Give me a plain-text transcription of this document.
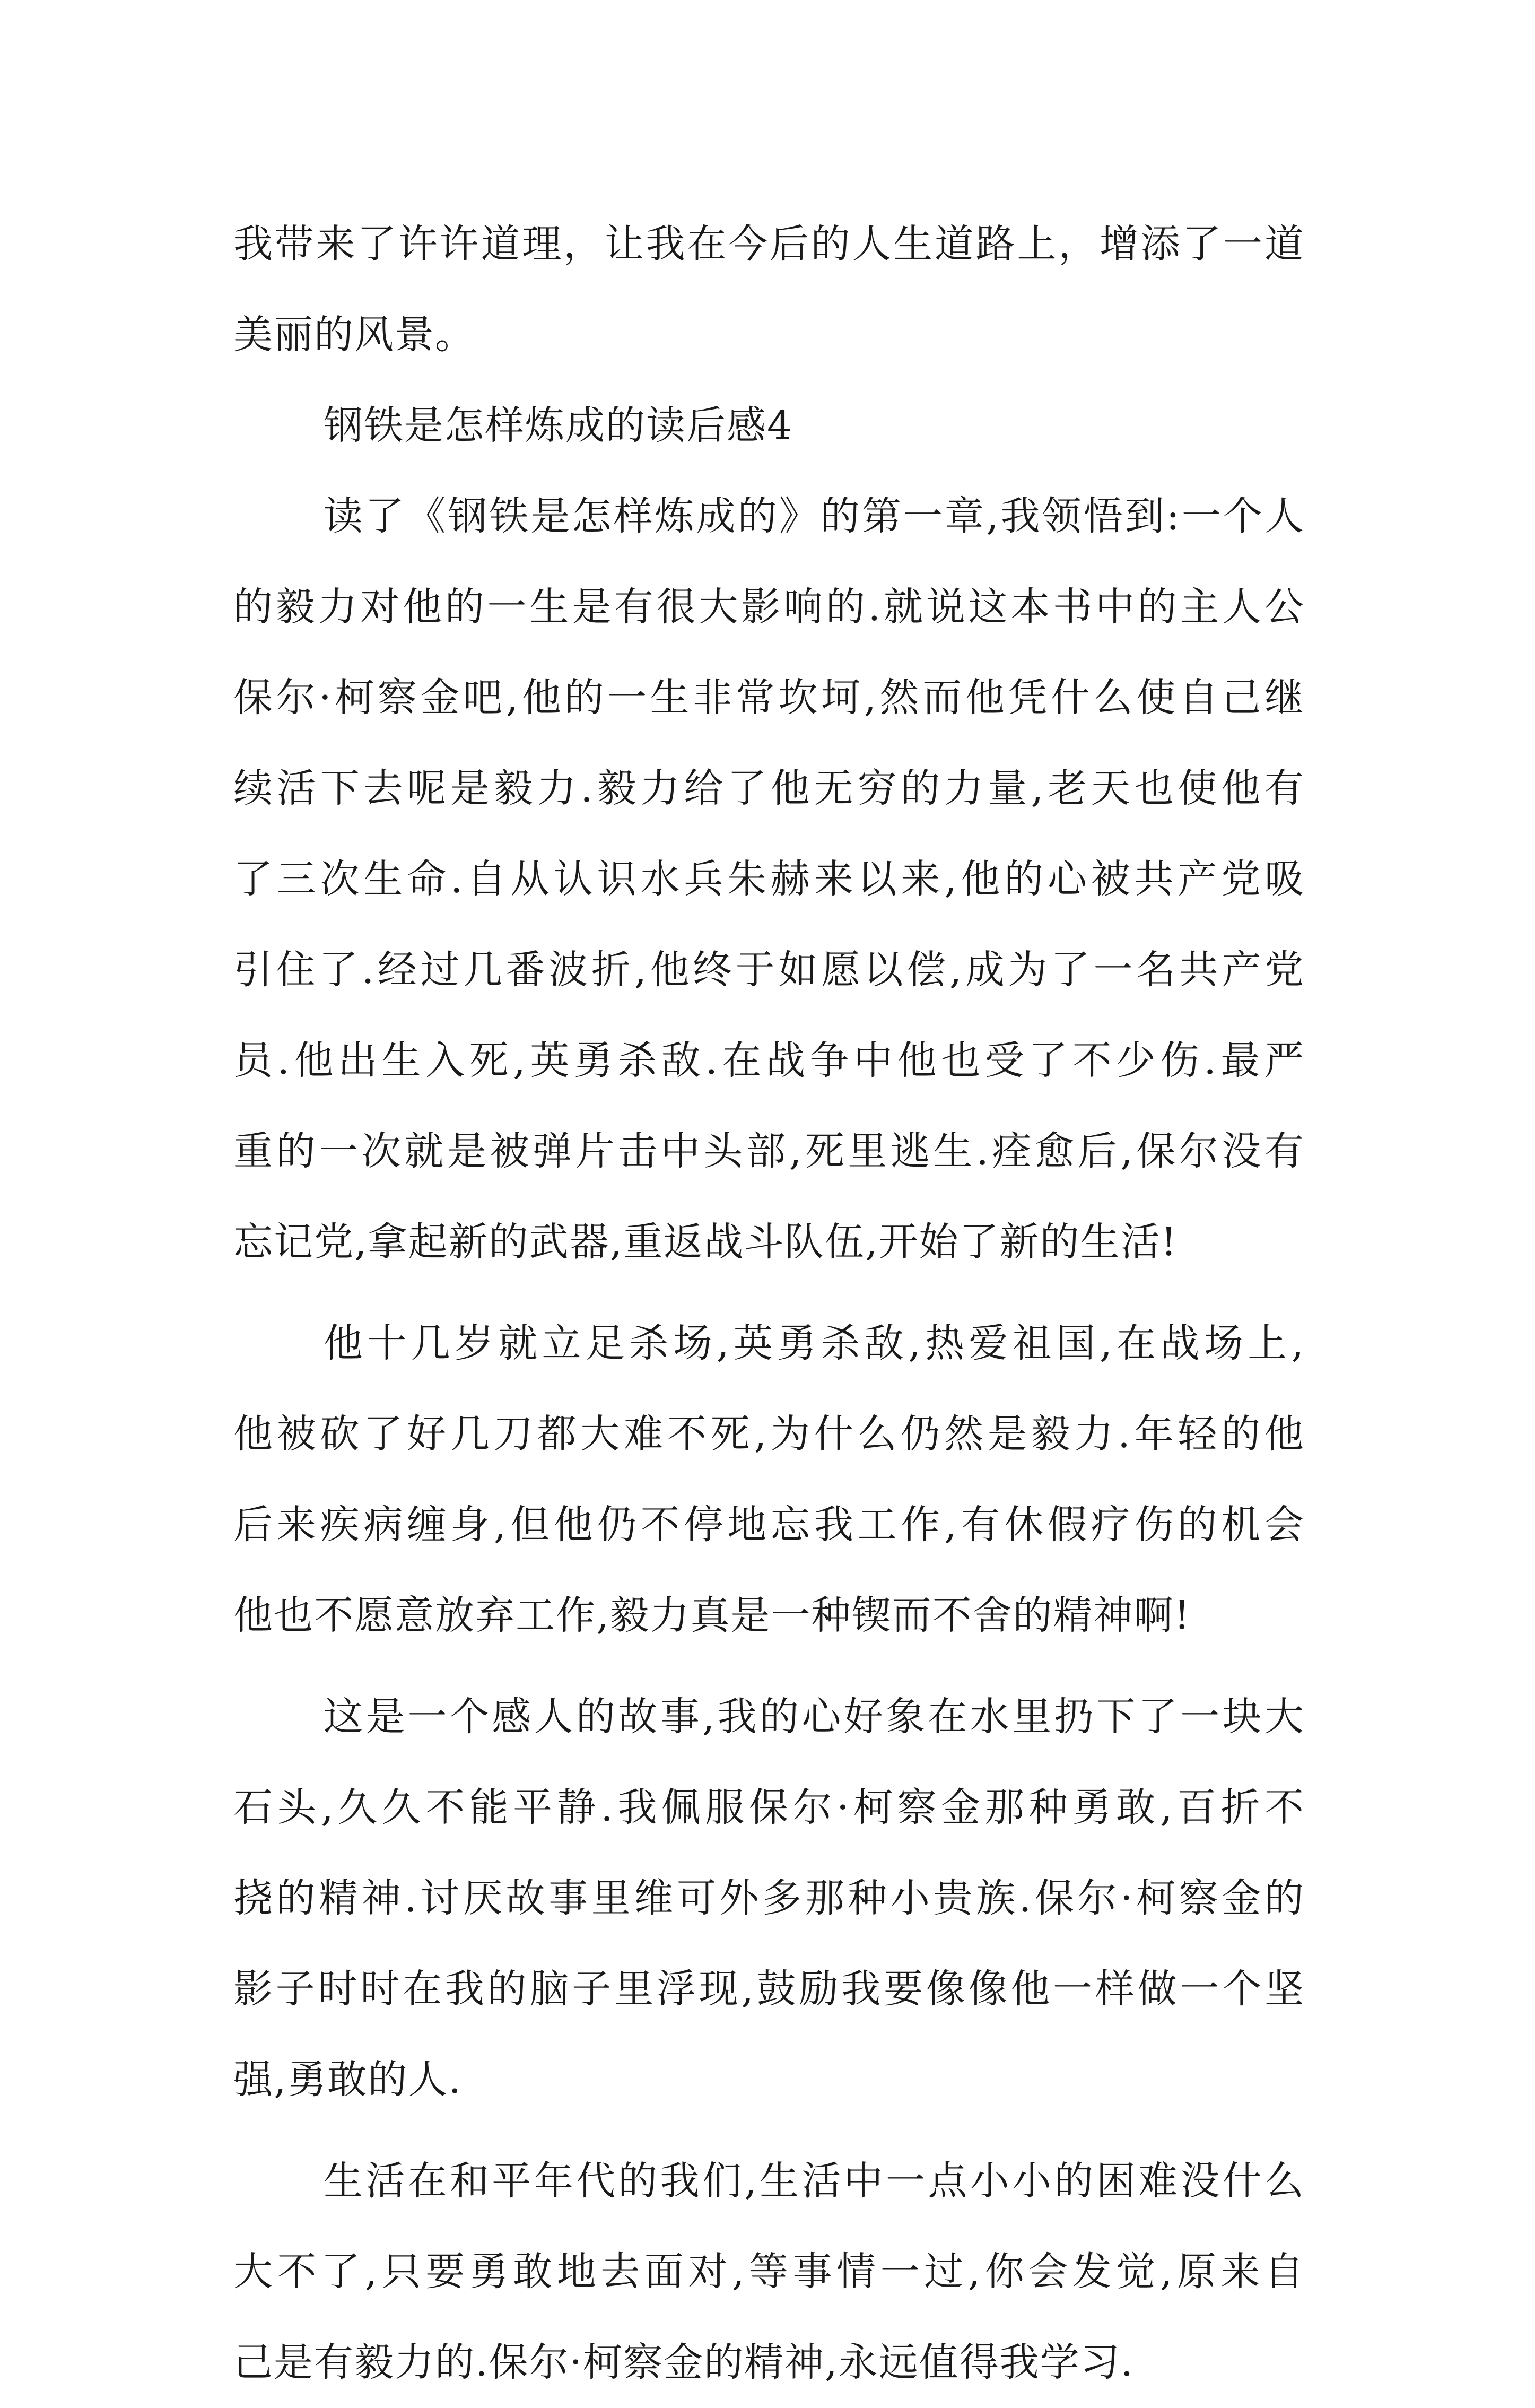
我带来了许许道理，让我在今后的人生道路上，增添了一道
美丽的风景。
钢铁是怎样炼成的读后感4
读了《钢铁是怎样炼成的》的第一章,我领悟到:一个人
的毅力对他的一生是有很大影响的.就说这本书中的主人公
保尔·柯察金吧,他的一生非常坎坷,然而他凭什么使自己继
续活下去呢是毅力.毅力给了他无穷的力量,老天也使他有
了三次生命.自从认识水兵朱赫来以来,他的心被共产党吸
引住了.经过几番波折,他终于如愿以偿,成为了一名共产党
员.他出生入死,英勇杀敌.在战争中他也受了不少伤.最严
重的一次就是被弹片击中头部,死里逃生.痊愈后,保尔没有
忘记党,拿起新的武器,重返战斗队伍,开始了新的生活!
他十几岁就立足杀场,英勇杀敌,热爱祖国,在战场上,
他被砍了好几刀都大难不死,为什么仍然是毅力.年轻的他
后来疾病缠身,但他仍不停地忘我工作,有休假疗伤的机会
他也不愿意放弃工作,毅力真是一种锲而不舍的精神啊!
这是一个感人的故事,我的心好象在水里扔下了一块大
石头,久久不能平静.我佩服保尔·柯察金那种勇敢,百折不
挠的精神.讨厌故事里维可外多那种小贵族.保尔·柯察金的
影子时时在我的脑子里浮现,鼓励我要像像他一样做一个坚
强,勇敢的人.
生活在和平年代的我们,生活中一点小小的困难没什么
大不了,只要勇敢地去面对,等事情一过,你会发觉,原来自
己是有毅力的.保尔·柯察金的精神,永远值得我学习.
